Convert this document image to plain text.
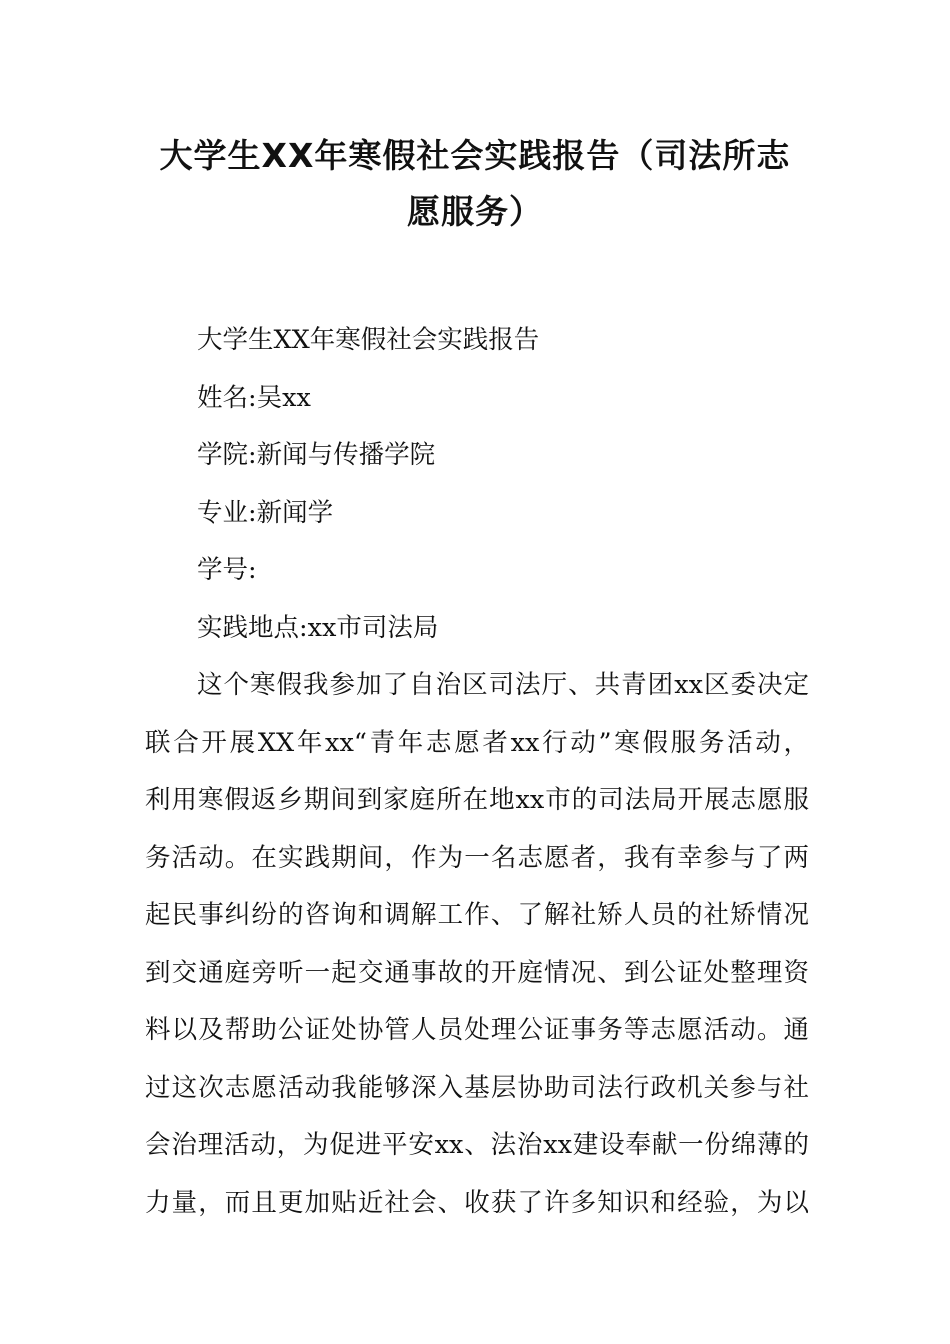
大学生XX年寒假社会实践报告（司法所志
愿服务）

大学生XX年寒假社会实践报告

姓名:吴xx

学院:新闻与传播学院

专业:新闻学

学号:

实践地点:xx市司法局

这个寒假我参加了自治区司法厅、共青团xx区委决定

联合开展XX年xx“青年志愿者xx行动”寒假服务活动，

利用寒假返乡期间到家庭所在地xx市的司法局开展志愿服

务活动。在实践期间，作为一名志愿者，我有幸参与了两

起民事纠纷的咨询和调解工作、了解社矫人员的社矫情况

到交通庭旁听一起交通事故的开庭情况、到公证处整理资

料以及帮助公证处协管人员处理公证事务等志愿活动。通

过这次志愿活动我能够深入基层协助司法行政机关参与社

会治理活动，为促进平安xx、法治xx建设奉献一份绵薄的

力量，而且更加贴近社会、收获了许多知识和经验，为以
